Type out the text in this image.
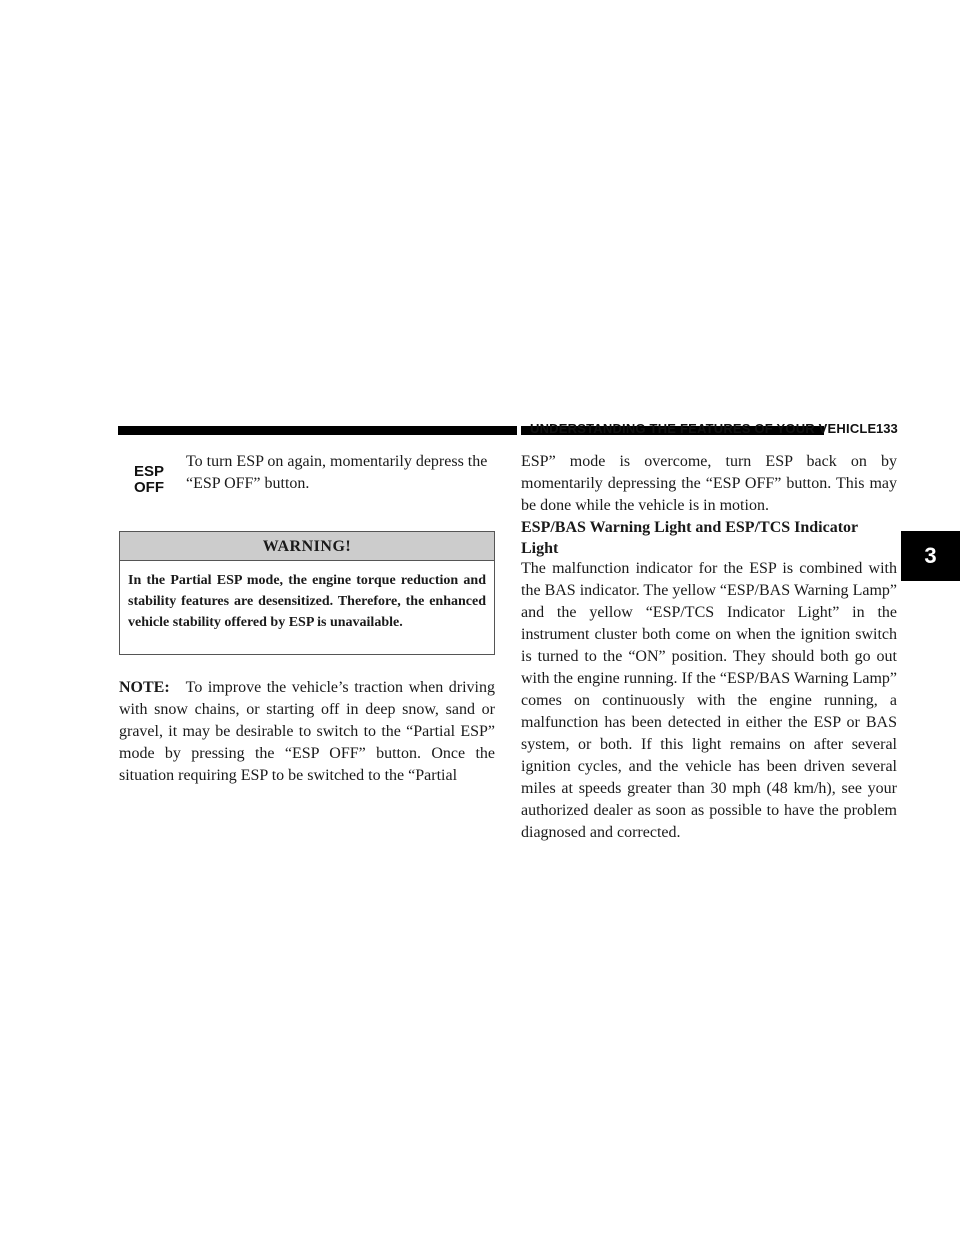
UNDERSTANDING THE FEATURES OF YOUR VEHICLE 133
ESP
OFF

To turn ESP on again, momentarily depress the “ESP OFF” button.

WARNING!
In the Partial ESP mode, the engine torque reduction and stability features are desensitized. Therefore, the enhanced vehicle stability offered by ESP is unavailable.

NOTE: To improve the vehicle’s traction when driving with snow chains, or starting off in deep snow, sand or gravel, it may be desirable to switch to the “Partial ESP” mode by pressing the “ESP OFF” button. Once the situation requiring ESP to be switched to the “Partial

ESP” mode is overcome, turn ESP back on by momentarily depressing the “ESP OFF” button. This may be done while the vehicle is in motion.

ESP/BAS Warning Light and ESP/TCS Indicator Light

The malfunction indicator for the ESP is combined with the BAS indicator. The yellow “ESP/BAS Warning Lamp” and the yellow “ESP/TCS Indicator Light” in the instrument cluster both come on when the ignition switch is turned to the “ON” position. They should both go out with the engine running. If the “ESP/BAS Warning Lamp” comes on continuously with the engine running, a malfunction has been detected in either the ESP or BAS system, or both. If this light remains on after several ignition cycles, and the vehicle has been driven several miles at speeds greater than 30 mph (48 km/h), see your authorized dealer as soon as possible to have the problem diagnosed and corrected.

3
